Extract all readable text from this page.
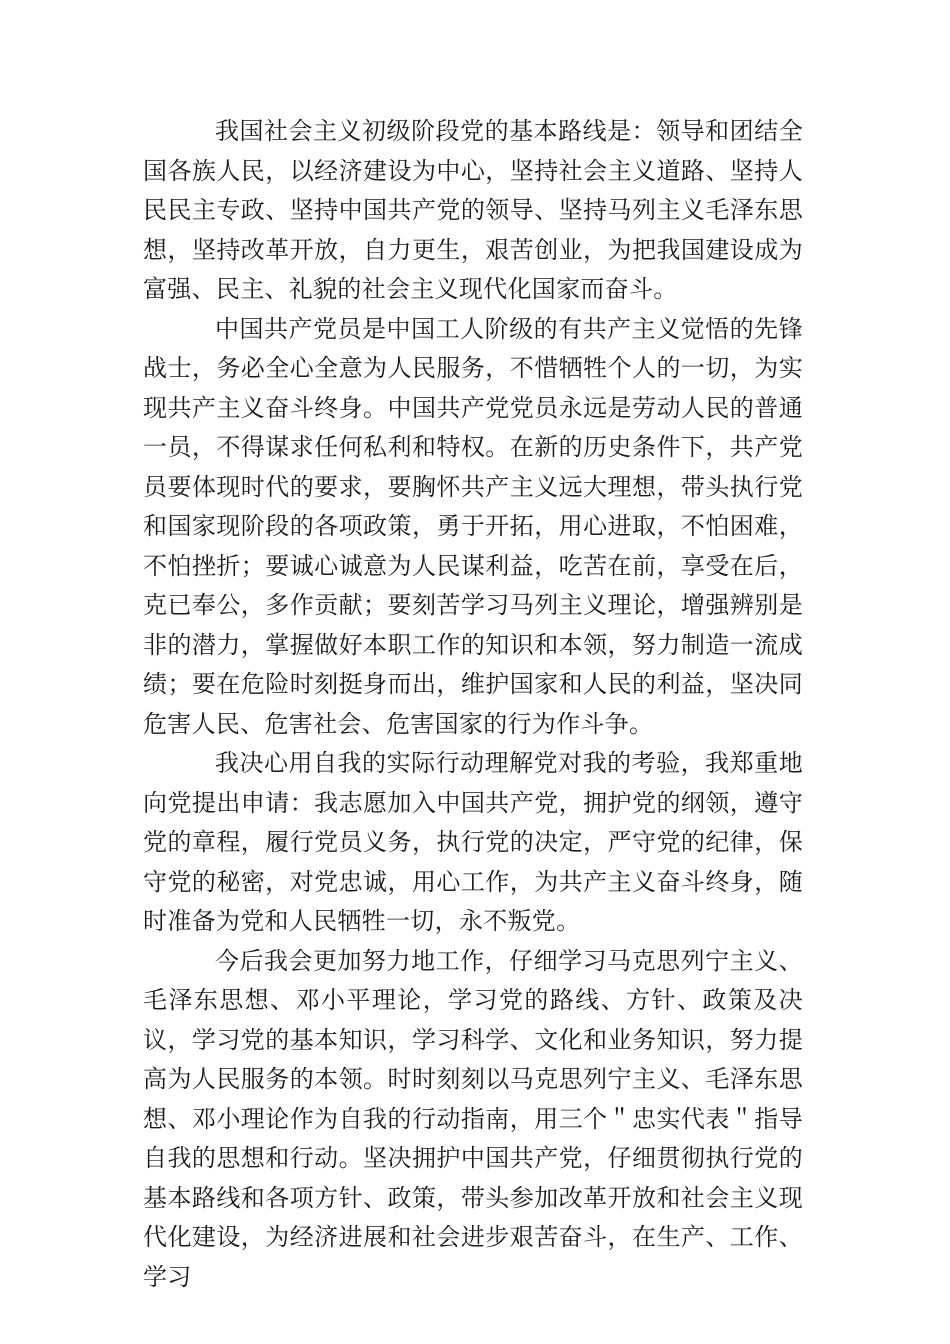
我国社会主义初级阶段党的基本路线是：领导和团结全国各族人民，以经济建设为中心，坚持社会主义道路、坚持人民民主专政、坚持中国共产党的领导、坚持马列主义毛泽东思想，坚持改革开放，自力更生，艰苦创业，为把我国建设成为富强、民主、礼貌的社会主义现代化国家而奋斗。

中国共产党员是中国工人阶级的有共产主义觉悟的先锋战士，务必全心全意为人民服务，不惜牺牲个人的一切，为实现共产主义奋斗终身。中国共产党党员永远是劳动人民的普通一员，不得谋求任何私利和特权。在新的历史条件下，共产党员要体现时代的要求，要胸怀共产主义远大理想，带头执行党和国家现阶段的各项政策，勇于开拓，用心进取，不怕困难，不怕挫折；要诚心诚意为人民谋利益，吃苦在前，享受在后，克已奉公，多作贡献；要刻苦学习马列主义理论，增强辨别是非的潜力，掌握做好本职工作的知识和本领，努力制造一流成绩；要在危险时刻挺身而出，维护国家和人民的利益，坚决同危害人民、危害社会、危害国家的行为作斗争。

我决心用自我的实际行动理解党对我的考验，我郑重地向党提出申请：我志愿加入中国共产党，拥护党的纲领，遵守党的章程，履行党员义务，执行党的决定，严守党的纪律，保守党的秘密，对党忠诚，用心工作，为共产主义奋斗终身，随时准备为党和人民牺牲一切，永不叛党。

今后我会更加努力地工作，仔细学习马克思列宁主义、毛泽东思想、邓小平理论，学习党的路线、方针、政策及决议，学习党的基本知识，学习科学、文化和业务知识，努力提高为人民服务的本领。时时刻刻以马克思列宁主义、毛泽东思想、邓小理论作为自我的行动指南，用三个＂忠实代表＂指导自我的思想和行动。坚决拥护中国共产党，仔细贯彻执行党的基本路线和各项方针、政策，带头参加改革开放和社会主义现代化建设，为经济进展和社会进步艰苦奋斗，在生产、工作、学习
